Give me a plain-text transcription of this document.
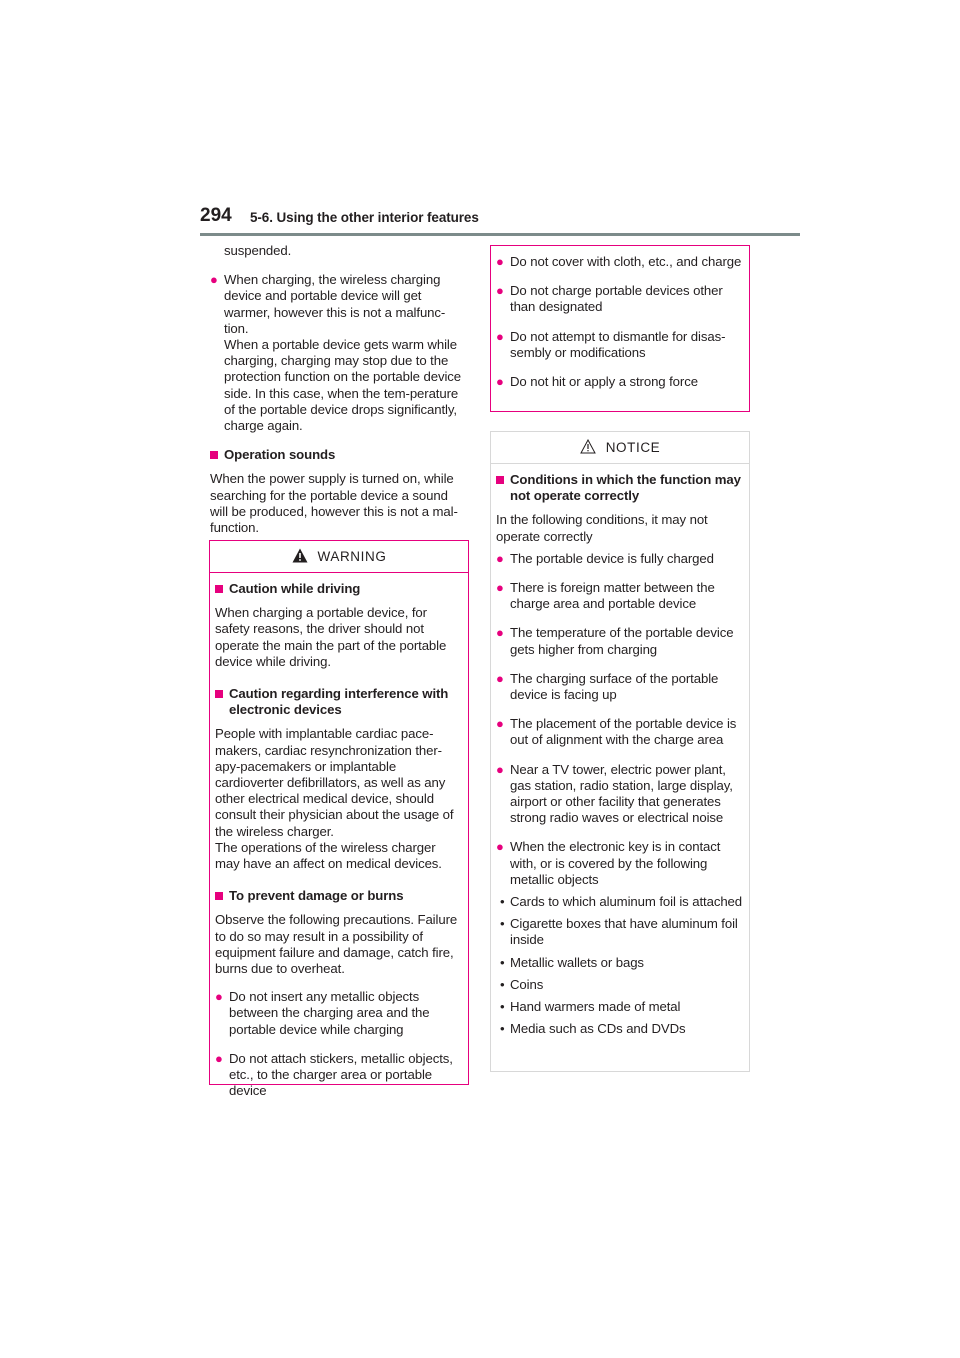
294 5-6. Using the other interior features

suspended.

● When charging, the wireless charging device and portable device will get warmer, however this is not a malfunc-tion.

When a portable device gets warm while charging, charging may stop due to the protection function on the portable device side. In this case, when the tem-perature of the portable device drops significantly, charge again.

Operation sounds

When the power supply is turned on, while searching for the portable device a sound will be produced, however this is not a mal-function.

WARNING
Caution while driving

When charging a portable device, for safety reasons, the driver should not operate the main the part of the portable device while driving.

Caution regarding interference with electronic devices

People with implantable cardiac pace-makers, cardiac resynchronization ther-apy-pacemakers or implantable cardioverter defibrillators, as well as any other electrical medical device, should consult their physician about the usage of the wireless charger.

The operations of the wireless charger may have an affect on medical devices.

To prevent damage or burns

Observe the following precautions. Failure to do so may result in a possibility of equipment failure and damage, catch fire, burns due to overheat.

● Do not insert any metallic objects between the charging area and the portable device while charging

● Do not attach stickers, metallic objects, etc., to the charger area or portable device

● Do not cover with cloth, etc., and charge

● Do not charge portable devices other than designated

● Do not attempt to dismantle for disas-sembly or modifications

● Do not hit or apply a strong force

NOTICE
Conditions in which the function may not operate correctly

In the following conditions, it may not operate correctly

● The portable device is fully charged

● There is foreign matter between the charge area and portable device

● The temperature of the portable device gets higher from charging

● The charging surface of the portable device is facing up

● The placement of the portable device is out of alignment with the charge area

● Near a TV tower, electric power plant, gas station, radio station, large display, airport or other facility that generates strong radio waves or electrical noise

● When the electronic key is in contact with, or is covered by the following metallic objects

• Cards to which aluminum foil is attached

• Cigarette boxes that have aluminum foil inside

• Metallic wallets or bags

• Coins

• Hand warmers made of metal

• Media such as CDs and DVDs
